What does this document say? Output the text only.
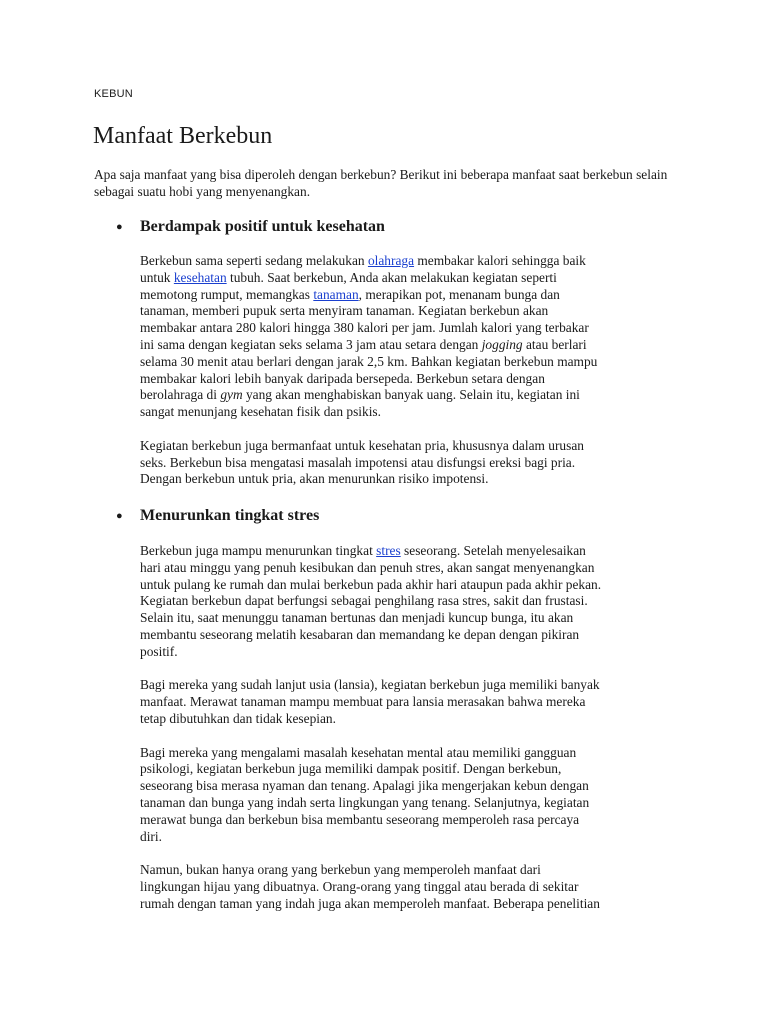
KEBUN
Manfaat Berkebun

Apa saja manfaat yang bisa diperoleh dengan berkebun? Berikut ini beberapa manfaat saat berkebun selain sebagai suatu hobi yang menyenangkan.

●	Berdampak positif untuk kesehatan
Berkebun sama seperti sedang melakukan olahraga membakar kalori sehingga baik
untuk kesehatan tubuh. Saat berkebun, Anda akan melakukan kegiatan seperti
memotong rumput, memangkas tanaman, merapikan pot, menanam bunga dan
tanaman, memberi pupuk serta menyiram tanaman. Kegiatan berkebun akan
membakar antara 280 kalori hingga 380 kalori per jam. Jumlah kalori yang terbakar
ini sama dengan kegiatan seks selama 3 jam atau setara dengan jogging atau berlari
selama 30 menit atau berlari dengan jarak 2,5 km. Bahkan kegiatan berkebun mampu
membakar kalori lebih banyak daripada bersepeda. Berkebun setara dengan
berolahraga di gym yang akan menghabiskan banyak uang. Selain itu, kegiatan ini
sangat menunjang kesehatan fisik dan psikis.
Kegiatan berkebun juga bermanfaat untuk kesehatan pria, khususnya dalam urusan
seks. Berkebun bisa mengatasi masalah impotensi atau disfungsi ereksi bagi pria.
Dengan berkebun untuk pria, akan menurunkan risiko impotensi.
●	Menurunkan tingkat stres
Berkebun juga mampu menurunkan tingkat stres seseorang. Setelah menyelesaikan
hari atau minggu yang penuh kesibukan dan penuh stres, akan sangat menyenangkan
untuk pulang ke rumah dan mulai berkebun pada akhir hari ataupun pada akhir pekan.
Kegiatan berkebun dapat berfungsi sebagai penghilang rasa stres, sakit dan frustasi.
Selain itu, saat menunggu tanaman bertunas dan menjadi kuncup bunga, itu akan
membantu seseorang melatih kesabaran dan memandang ke depan dengan pikiran
positif.
Bagi mereka yang sudah lanjut usia (lansia), kegiatan berkebun juga memiliki banyak
manfaat. Merawat tanaman mampu membuat para lansia merasakan bahwa mereka
tetap dibutuhkan dan tidak kesepian.
Bagi mereka yang mengalami masalah kesehatan mental atau memiliki gangguan
psikologi, kegiatan berkebun juga memiliki dampak positif. Dengan berkebun,
seseorang bisa merasa nyaman dan tenang. Apalagi jika mengerjakan kebun dengan
tanaman dan bunga yang indah serta lingkungan yang tenang. Selanjutnya, kegiatan
merawat bunga dan berkebun bisa membantu seseorang memperoleh rasa percaya
diri.
Namun, bukan hanya orang yang berkebun yang memperoleh manfaat dari
lingkungan hijau yang dibuatnya. Orang-orang yang tinggal atau berada di sekitar
rumah dengan taman yang indah juga akan memperoleh manfaat. Beberapa penelitian
